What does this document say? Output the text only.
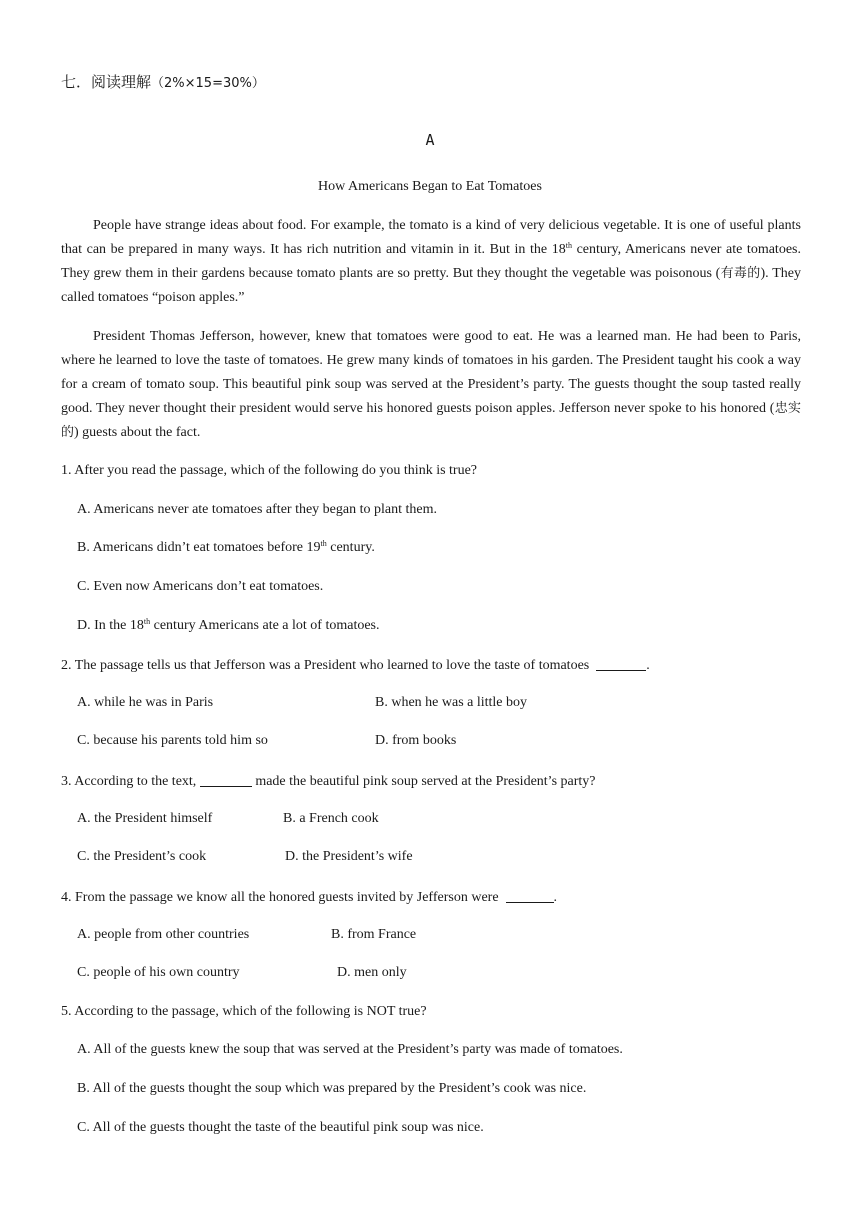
七．阅读理解（2%×15=30%）
A
How Americans Began to Eat Tomatoes

People have strange ideas about food. For example, the tomato is a kind of very delicious vegetable. It is one of useful plants that can be prepared in many ways. It has rich nutrition and vitamin in it. But in the 18th century, Americans never ate tomatoes. They grew them in their gardens because tomato plants are so pretty. But they thought the vegetable was poisonous (有毒的). They called tomatoes “poison apples.”

President Thomas Jefferson, however, knew that tomatoes were good to eat. He was a learned man. He had been to Paris, where he learned to love the taste of tomatoes. He grew many kinds of tomatoes in his garden. The President taught his cook a way for a cream of tomato soup. This beautiful pink soup was served at the President’s party. The guests thought the soup tasted really good. They never thought their president would serve his honored guests poison apples. Jefferson never spoke to his honored (忠实的) guests about the fact.

1. After you read the passage, which of the following do you think is true?
A. Americans never ate tomatoes after they began to plant them.
B. Americans didn’t eat tomatoes before 19th century.
C. Even now Americans don’t eat tomatoes.
D. In the 18th century Americans ate a lot of tomatoes.
2. The passage tells us that Jefferson was a President who learned to love the taste of tomatoes	.
A. while he was in Paris	B. when he was a little boy
C. because his parents told him so	D. from books
3. According to the text,	made the beautiful pink soup served at the President’s party?
A. the President himself	B. a French cook
C. the President’s cook	D. the President’s wife
4. From the passage we know all the honored guests invited by Jefferson were	.
A. people from other countries	B. from France
C. people of his own country	D. men only
5. According to the passage, which of the following is NOT true?
A. All of the guests knew the soup that was served at the President’s party was made of tomatoes.
B. All of the guests thought the soup which was prepared by the President’s cook was nice.
C. All of the guests thought the taste of the beautiful pink soup was nice.
